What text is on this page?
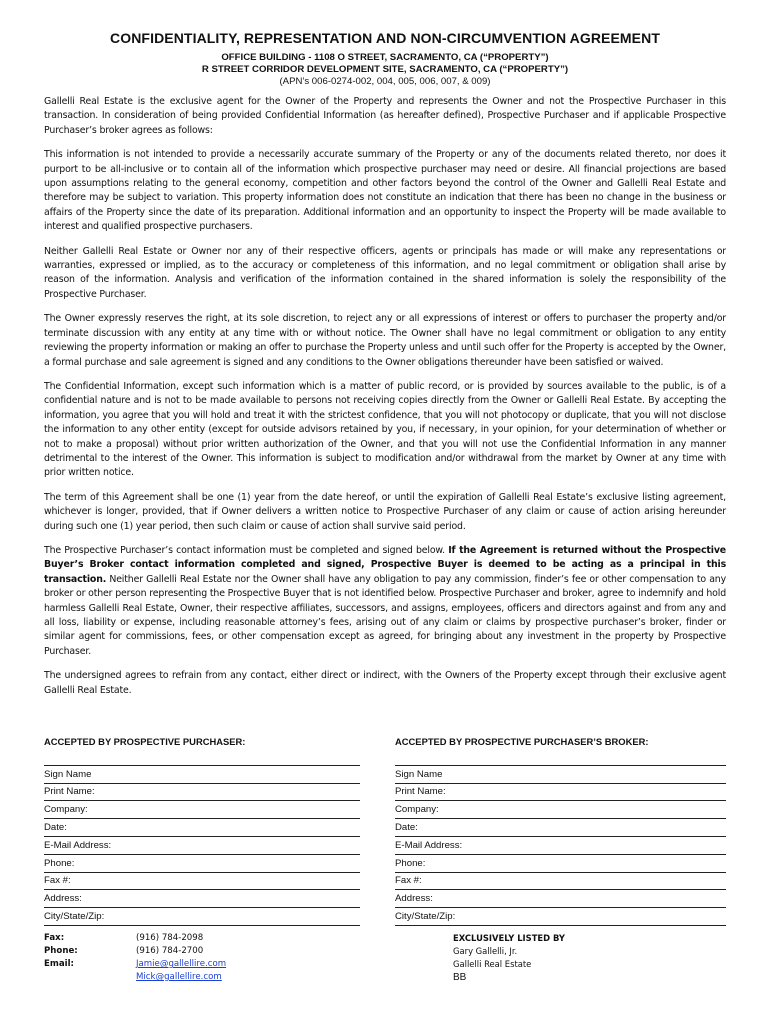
CONFIDENTIALITY, REPRESENTATION AND NON-CIRCUMVENTION AGREEMENT
OFFICE BUILDING - 1108 O STREET, SACRAMENTO, CA (“PROPERTY”)
R STREET CORRIDOR DEVELOPMENT SITE, SACRAMENTO, CA (“PROPERTY”)
(APN’s 006-0274-002, 004, 005, 006, 007, & 009)

Gallelli Real Estate is the exclusive agent for the Owner of the Property and represents the Owner and not the Prospective Purchaser in this transaction. In consideration of being provided Confidential Information (as hereafter defined), Prospective Purchaser and if applicable Prospective Purchaser’s broker agrees as follows:

This information is not intended to provide a necessarily accurate summary of the Property or any of the documents related thereto, nor does it purport to be all-inclusive or to contain all of the information which prospective purchaser may need or desire. All financial projections are based upon assumptions relating to the general economy, competition and other factors beyond the control of the Owner and Gallelli Real Estate and therefore may be subject to variation. This property information does not constitute an indication that there has been no change in the business or affairs of the Property since the date of its preparation. Additional information and an opportunity to inspect the Property will be made available to interest and qualified prospective purchasers.

Neither Gallelli Real Estate or Owner nor any of their respective officers, agents or principals has made or will make any representations or warranties, expressed or implied, as to the accuracy or completeness of this information, and no legal commitment or obligation shall arise by reason of the information. Analysis and verification of the information contained in the shared information is solely the responsibility of the Prospective Purchaser.

The Owner expressly reserves the right, at its sole discretion, to reject any or all expressions of interest or offers to purchaser the property and/or terminate discussion with any entity at any time with or without notice. The Owner shall have no legal commitment or obligation to any entity reviewing the property information or making an offer to purchase the Property unless and until such offer for the Property is accepted by the Owner, a formal purchase and sale agreement is signed and any conditions to the Owner obligations thereunder have been satisfied or waived.

The Confidential Information, except such information which is a matter of public record, or is provided by sources available to the public, is of a confidential nature and is not to be made available to persons not receiving copies directly from the Owner or Gallelli Real Estate. By accepting the information, you agree that you will hold and treat it with the strictest confidence, that you will not photocopy or duplicate, that you will not disclose the information to any other entity (except for outside advisors retained by you, if necessary, in your opinion, for your determination of whether or not to make a proposal) without prior written authorization of the Owner, and that you will not use the Confidential Information in any manner detrimental to the interest of the Owner. This information is subject to modification and/or withdrawal from the market by Owner at any time with prior written notice.

The term of this Agreement shall be one (1) year from the date hereof, or until the expiration of Gallelli Real Estate’s exclusive listing agreement, whichever is longer, provided, that if Owner delivers a written notice to Prospective Purchaser of any claim or cause of action arising hereunder during such one (1) year period, then such claim or cause of action shall survive said period.

The Prospective Purchaser’s contact information must be completed and signed below. If the Agreement is returned without the Prospective Buyer’s Broker contact information completed and signed, Prospective Buyer is deemed to be acting as a principal in this transaction. Neither Gallelli Real Estate nor the Owner shall have any obligation to pay any commission, finder’s fee or other compensation to any broker or other person representing the Prospective Buyer that is not identified below. Prospective Purchaser and broker, agree to indemnify and hold harmless Gallelli Real Estate, Owner, their respective affiliates, successors, and assigns, employees, officers and directors against and from any and all loss, liability or expense, including reasonable attorney’s fees, arising out of any claim or claims by prospective purchaser’s broker, finder or similar agent for commissions, fees, or other compensation except as agreed, for bringing about any investment in the property by Prospective Purchaser.

The undersigned agrees to refrain from any contact, either direct or indirect, with the Owners of the Property except through their exclusive agent Gallelli Real Estate.

ACCEPTED BY PROSPECTIVE PURCHASER:	ACCEPTED BY PROSPECTIVE PURCHASER’S BROKER:
Sign Name
Print Name:
Company:
Date:
E-Mail Address:
Phone:
Fax #:
Address:
City/State/Zip:
Sign Name
Print Name:
Company:
Date:
E-Mail Address:
Phone:
Fax #:
Address:
City/State/Zip:
Fax:
Phone:
Email:
(916) 784-2098
(916) 784-2700
Jamie@gallellire.com
Mick@gallellire.com
EXCLUSIVELY LISTED BY
Gary Gallelli, Jr.
Gallelli Real Estate
BB
